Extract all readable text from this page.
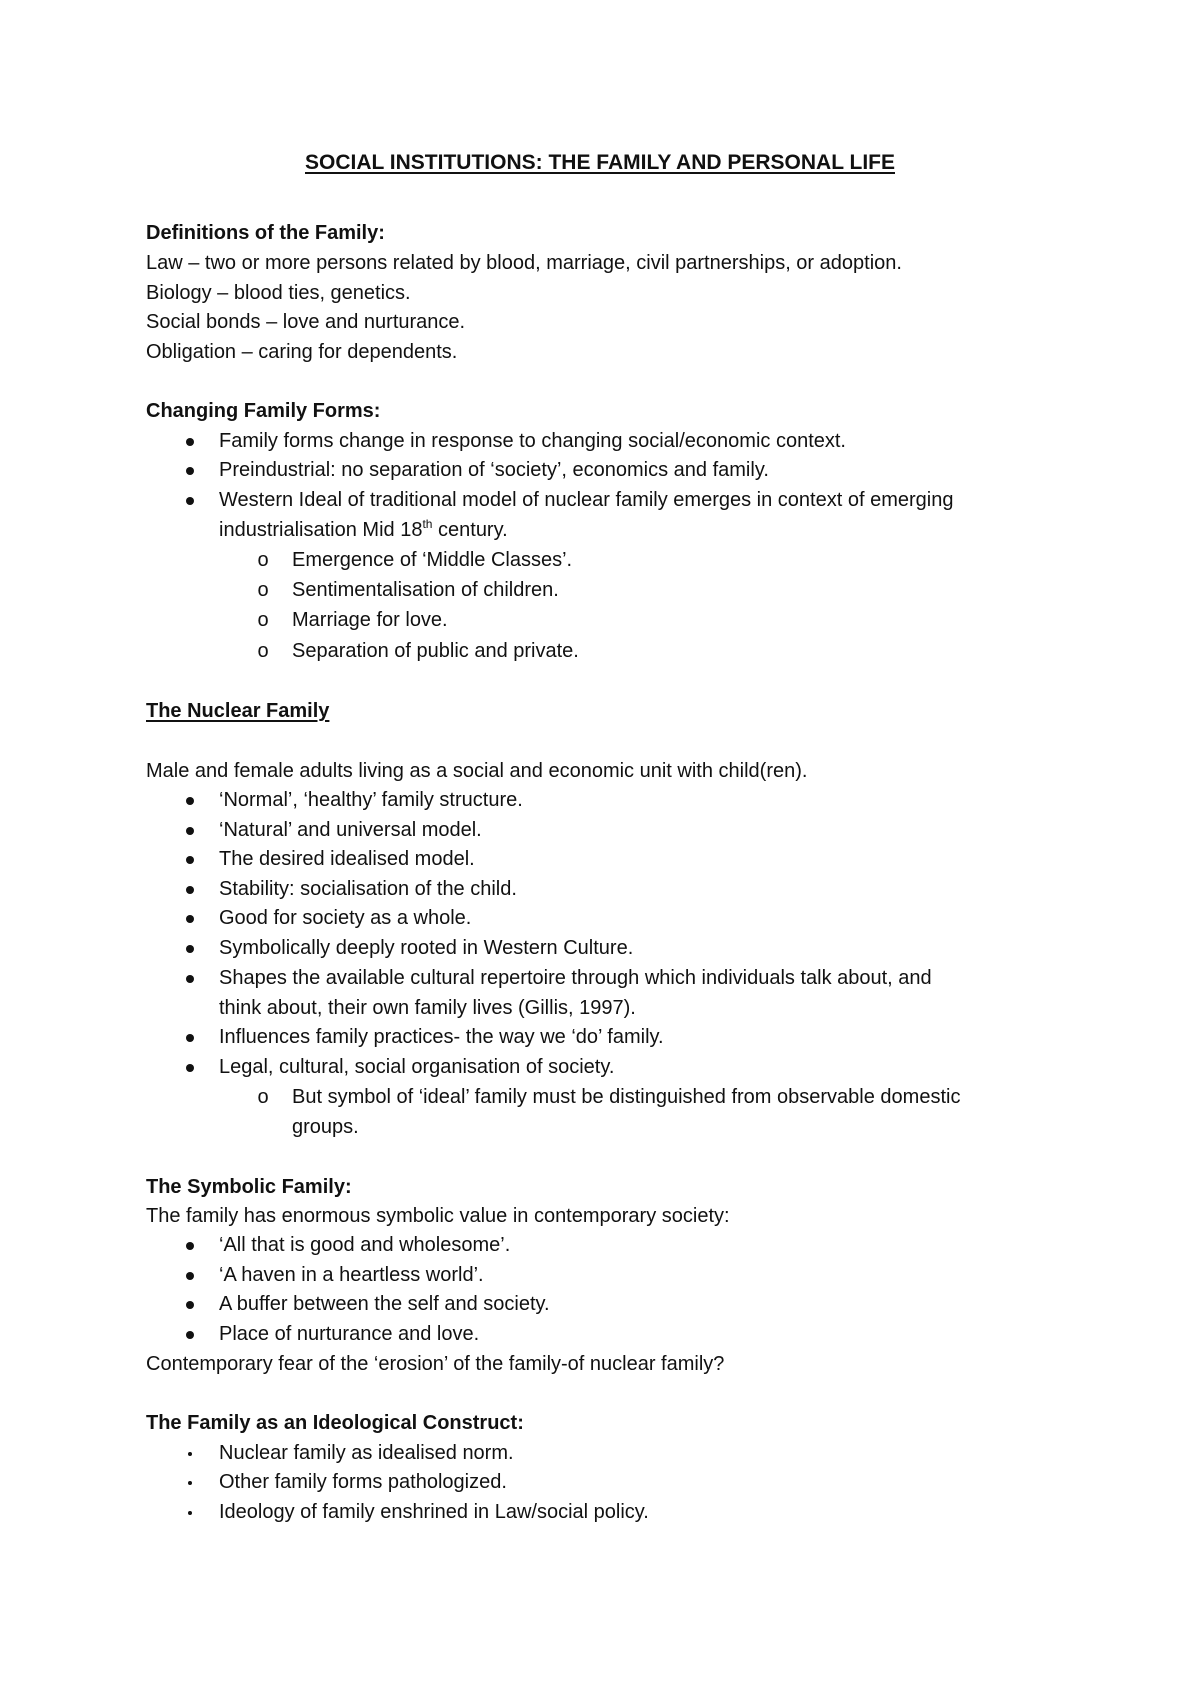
SOCIAL INSTITUTIONS: THE FAMILY AND PERSONAL LIFE
Definitions of the Family:
Law – two or more persons related by blood, marriage, civil partnerships, or adoption.
Biology – blood ties, genetics.
Social bonds – love and nurturance.
Obligation – caring for dependents.
Changing Family Forms:
Family forms change in response to changing social/economic context.
Preindustrial: no separation of ‘society’, economics and family.
Western Ideal of traditional model of nuclear family emerges in context of emerging
industrialisation Mid 18th century.
o Emergence of ‘Middle Classes’.
o Sentimentalisation of children.
o Marriage for love.
o Separation of public and private.
The Nuclear Family
Male and female adults living as a social and economic unit with child(ren).
‘Normal’, ‘healthy’ family structure.
‘Natural’ and universal model.
The desired idealised model.
Stability: socialisation of the child.
Good for society as a whole.
Symbolically deeply rooted in Western Culture.
Shapes the available cultural repertoire through which individuals talk about, and
think about, their own family lives (Gillis, 1997).
Influences family practices- the way we ‘do’ family.
Legal, cultural, social organisation of society.
o But symbol of ‘ideal’ family must be distinguished from observable domestic
groups.
The Symbolic Family:
The family has enormous symbolic value in contemporary society:
‘All that is good and wholesome’.
‘A haven in a heartless world’.
A buffer between the self and society.
Place of nurturance and love.
Contemporary fear of the ‘erosion’ of the family-of nuclear family?
The Family as an Ideological Construct:
Nuclear family as idealised norm.
Other family forms pathologized.
Ideology of family enshrined in Law/social policy.
